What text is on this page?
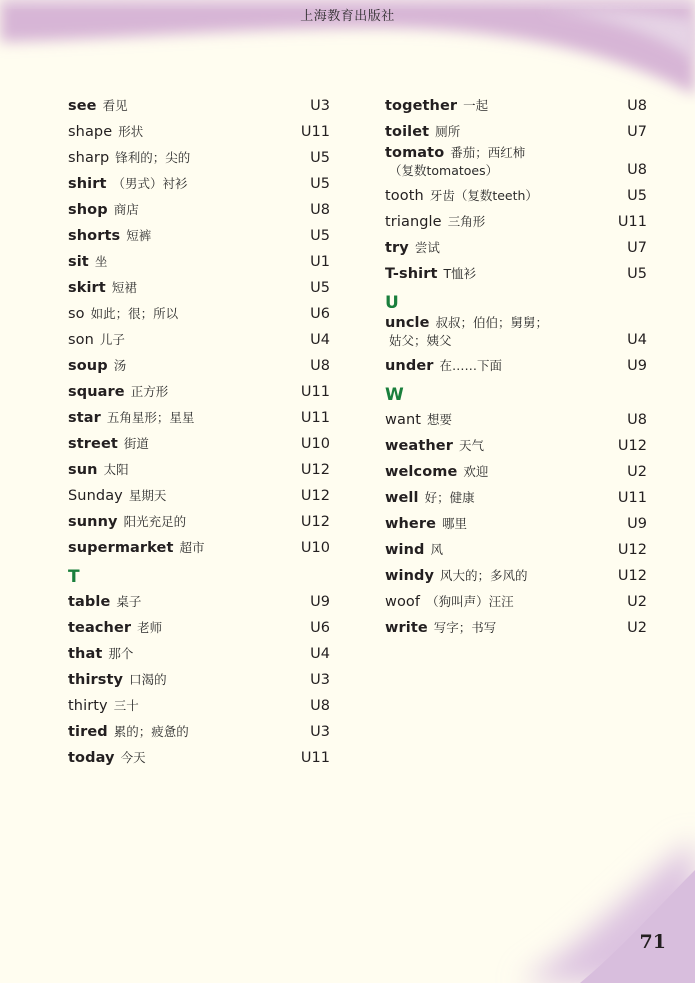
上海教育出版社
see 看见	U3
shape 形状	U11
sharp 锋利的；尖的	U5
shirt （男式）衬衫	U5
shop 商店	U8
shorts 短裤	U5
sit 坐	U1
skirt 短裙	U5
so 如此；很；所以	U6
son 儿子	U4
soup 汤	U8
square 正方形	U11
star 五角星形；星星	U11
street 街道	U10
sun 太阳	U12
Sunday 星期天	U12
sunny 阳光充足的	U12
supermarket 超市	U10
T
table 桌子	U9
teacher 老师	U6
that 那个	U4
thirsty 口渴的	U3
thirty 三十	U8
tired 累的；疲惫的	U3
today 今天	U11
together 一起	U8
toilet 厕所	U7
tomato 番茄；西红柿
（复数tomatoes）	U8
tooth 牙齿（复数teeth）	U5
triangle 三角形	U11
try 尝试	U7
T-shirt T恤衫	U5
U
uncle 叔叔；伯伯；舅舅；
姑父；姨父	U4
under 在……下面	U9
W
want 想要	U8
weather 天气	U12
welcome 欢迎	U2
well 好；健康	U11
where 哪里	U9
wind 风	U12
windy 风大的；多风的	U12
woof （狗叫声）汪汪	U2
write 写字；书写	U2
71
